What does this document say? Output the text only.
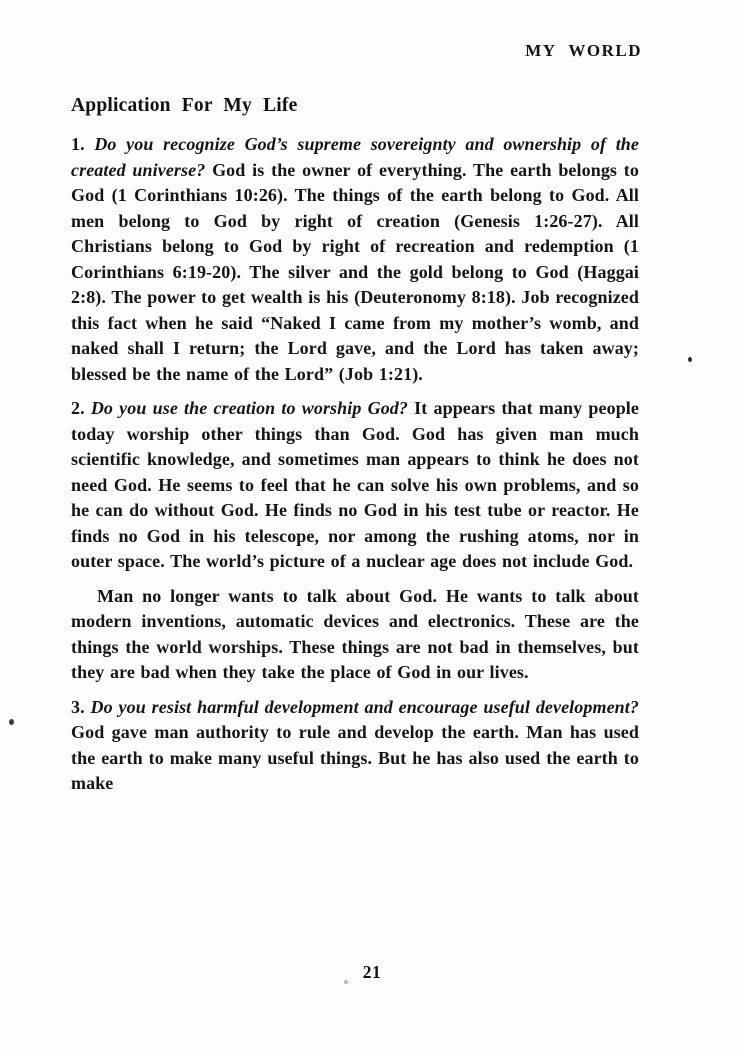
MY WORLD
Application For My Life

1. Do you recognize God’s supreme sovereignty and ownership of the created universe? God is the owner of everything. The earth belongs to God (1 Corinthians 10:26). The things of the earth belong to God. All men belong to God by right of creation (Genesis 1:26-27). All Christians belong to God by right of recreation and redemption (1 Corinthians 6:19-20). The silver and the gold belong to God (Haggai 2:8). The power to get wealth is his (Deuteronomy 8:18). Job recognized this fact when he said “Naked I came from my mother’s womb, and naked shall I return; the Lord gave, and the Lord has taken away; blessed be the name of the Lord” (Job 1:21).

2. Do you use the creation to worship God? It appears that many people today worship other things than God. God has given man much scientific knowledge, and sometimes man appears to think he does not need God. He seems to feel that he can solve his own problems, and so he can do without God. He finds no God in his test tube or reactor. He finds no God in his telescope, nor among the rushing atoms, nor in outer space. The world’s picture of a nuclear age does not include God.

Man no longer wants to talk about God. He wants to talk about modern inventions, automatic devices and electronics. These are the things the world worships. These things are not bad in themselves, but they are bad when they take the place of God in our lives.

3. Do you resist harmful development and encourage useful development? God gave man authority to rule and develop the earth. Man has used the earth to make many useful things. But he has also used the earth to make

21
